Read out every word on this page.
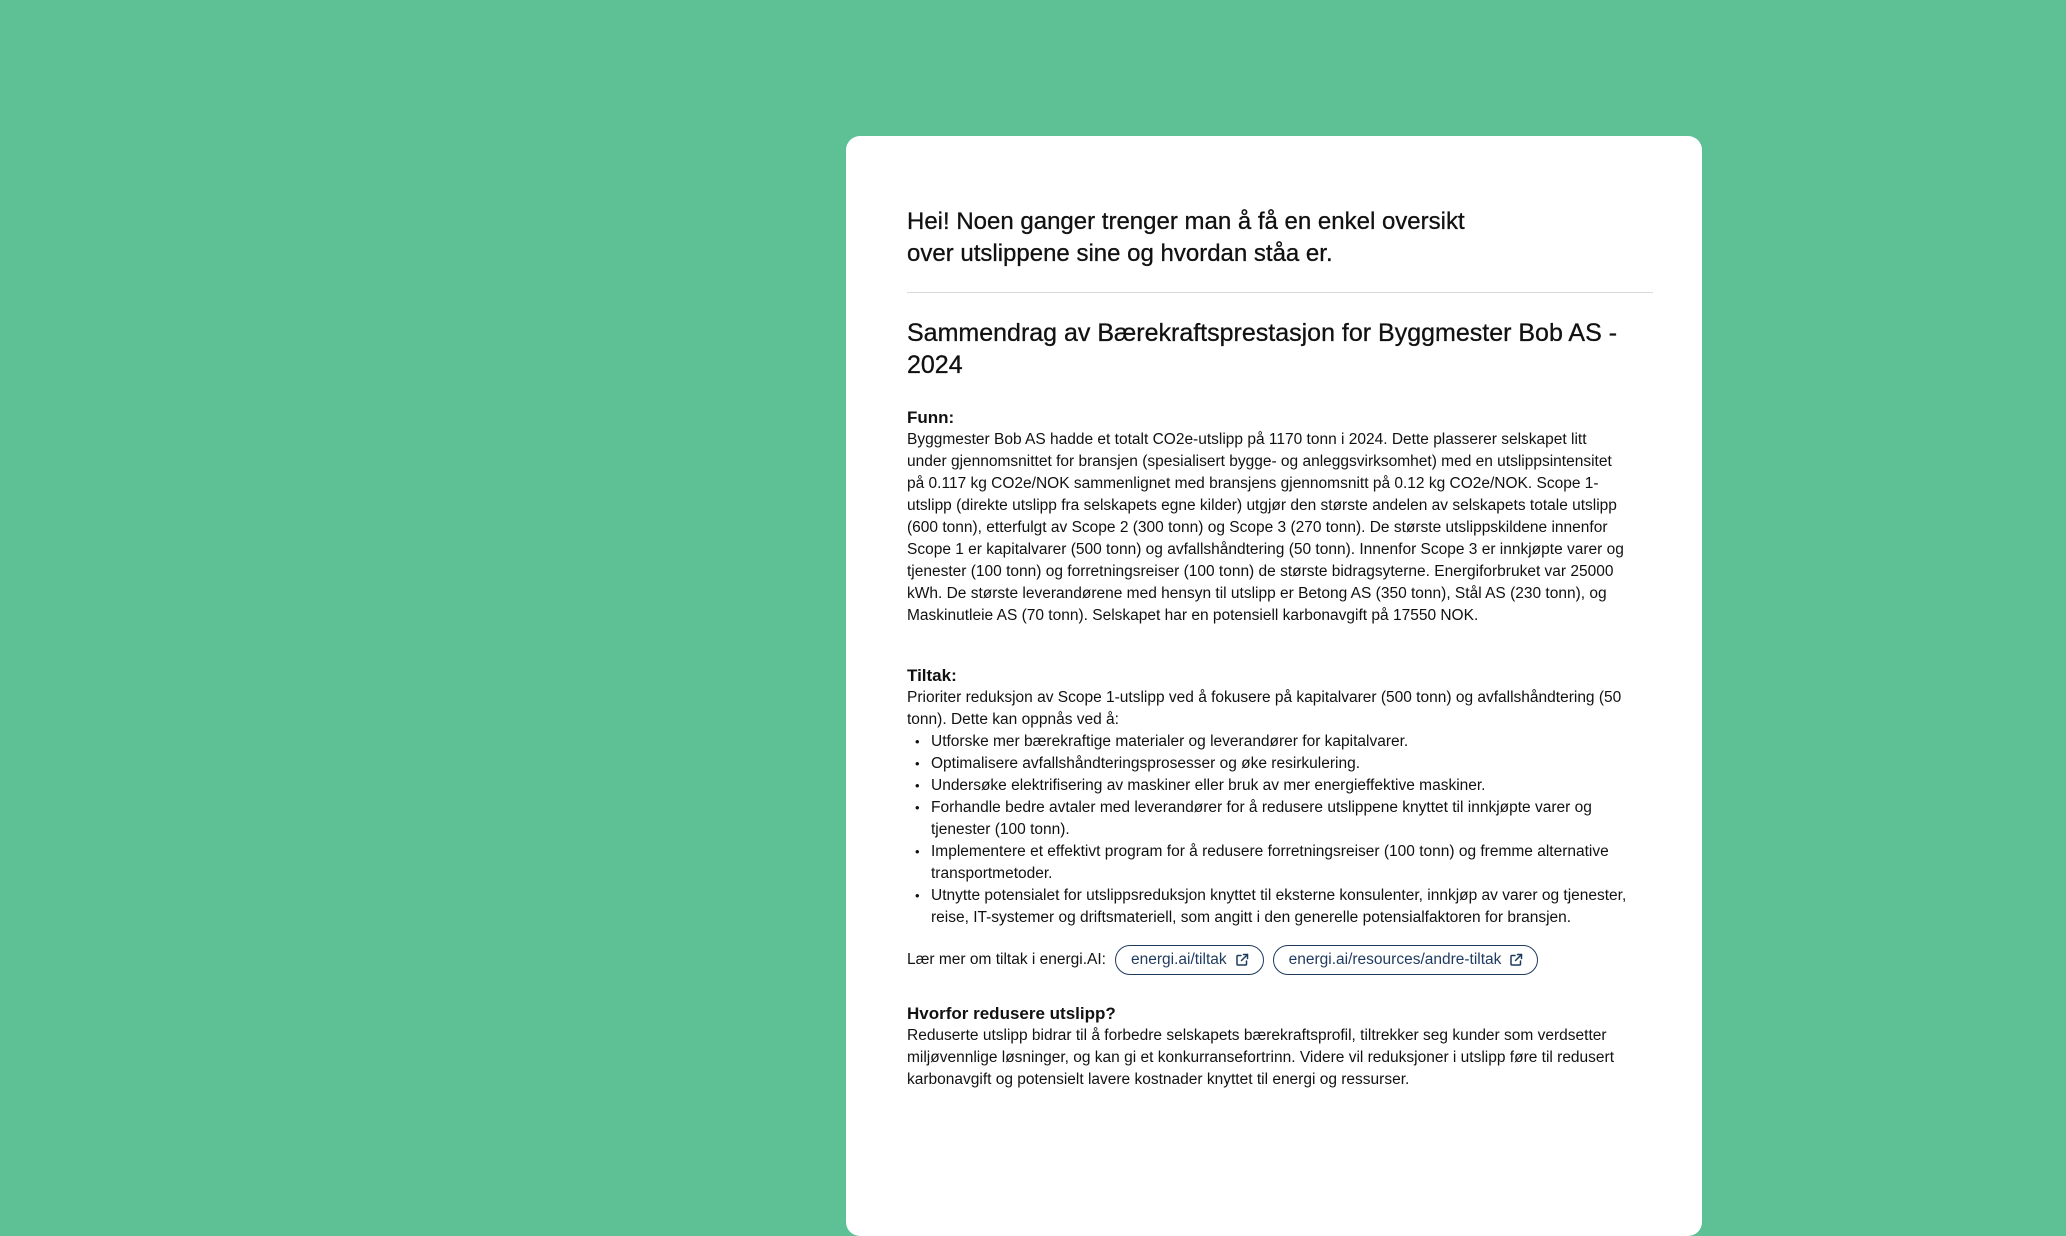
Hei! Noen ganger trenger man å få en enkel oversikt over utslippene sine og hvordan ståa er.

Sammendrag av Bærekraftsprestasjon for Byggmester Bob AS - 2024
Funn:

Byggmester Bob AS hadde et totalt CO2e-utslipp på 1170 tonn i 2024. Dette plasserer selskapet litt under gjennomsnittet for bransjen (spesialisert bygge- og anleggsvirksomhet) med en utslippsintensitet på 0.117 kg CO2e/NOK sammenlignet med bransjens gjennomsnitt på 0.12 kg CO2e/NOK. Scope 1-utslipp (direkte utslipp fra selskapets egne kilder) utgjør den største andelen av selskapets totale utslipp (600 tonn), etterfulgt av Scope 2 (300 tonn) og Scope 3 (270 tonn). De største utslippskildene innenfor Scope 1 er kapitalvarer (500 tonn) og avfallshåndtering (50 tonn). Innenfor Scope 3 er innkjøpte varer og tjenester (100 tonn) og forretningsreiser (100 tonn) de største bidragsyterne. Energiforbruket var 25000 kWh. De største leverandørene med hensyn til utslipp er Betong AS (350 tonn), Stål AS (230 tonn), og Maskinutleie AS (70 tonn). Selskapet har en potensiell karbonavgift på 17550 NOK.

Tiltak:

Prioriter reduksjon av Scope 1-utslipp ved å fokusere på kapitalvarer (500 tonn) og avfallshåndtering (50 tonn). Dette kan oppnås ved å:

• Utforske mer bærekraftige materialer og leverandører for kapitalvarer.
• Optimalisere avfallshåndteringsprosesser og øke resirkulering.
• Undersøke elektrifisering av maskiner eller bruk av mer energieffektive maskiner.
• Forhandle bedre avtaler med leverandører for å redusere utslippene knyttet til innkjøpte varer og tjenester (100 tonn).
• Implementere et effektivt program for å redusere forretningsreiser (100 tonn) og fremme alternative transportmetoder.
• Utnytte potensialet for utslippsreduksjon knyttet til eksterne konsulenter, innkjøp av varer og tjenester, reise, IT-systemer og driftsmateriell, som angitt i den generelle potensialfaktoren for bransjen.
Lær mer om tiltak i energi.AI: energi.ai/tiltak	energi.ai/resources/andre-tiltak
Hvorfor redusere utslipp?

Reduserte utslipp bidrar til å forbedre selskapets bærekraftsprofil, tiltrekker seg kunder som verdsetter miljøvennlige løsninger, og kan gi et konkurransefortrinn. Videre vil reduksjoner i utslipp føre til redusert karbonavgift og potensielt lavere kostnader knyttet til energi og ressurser.
